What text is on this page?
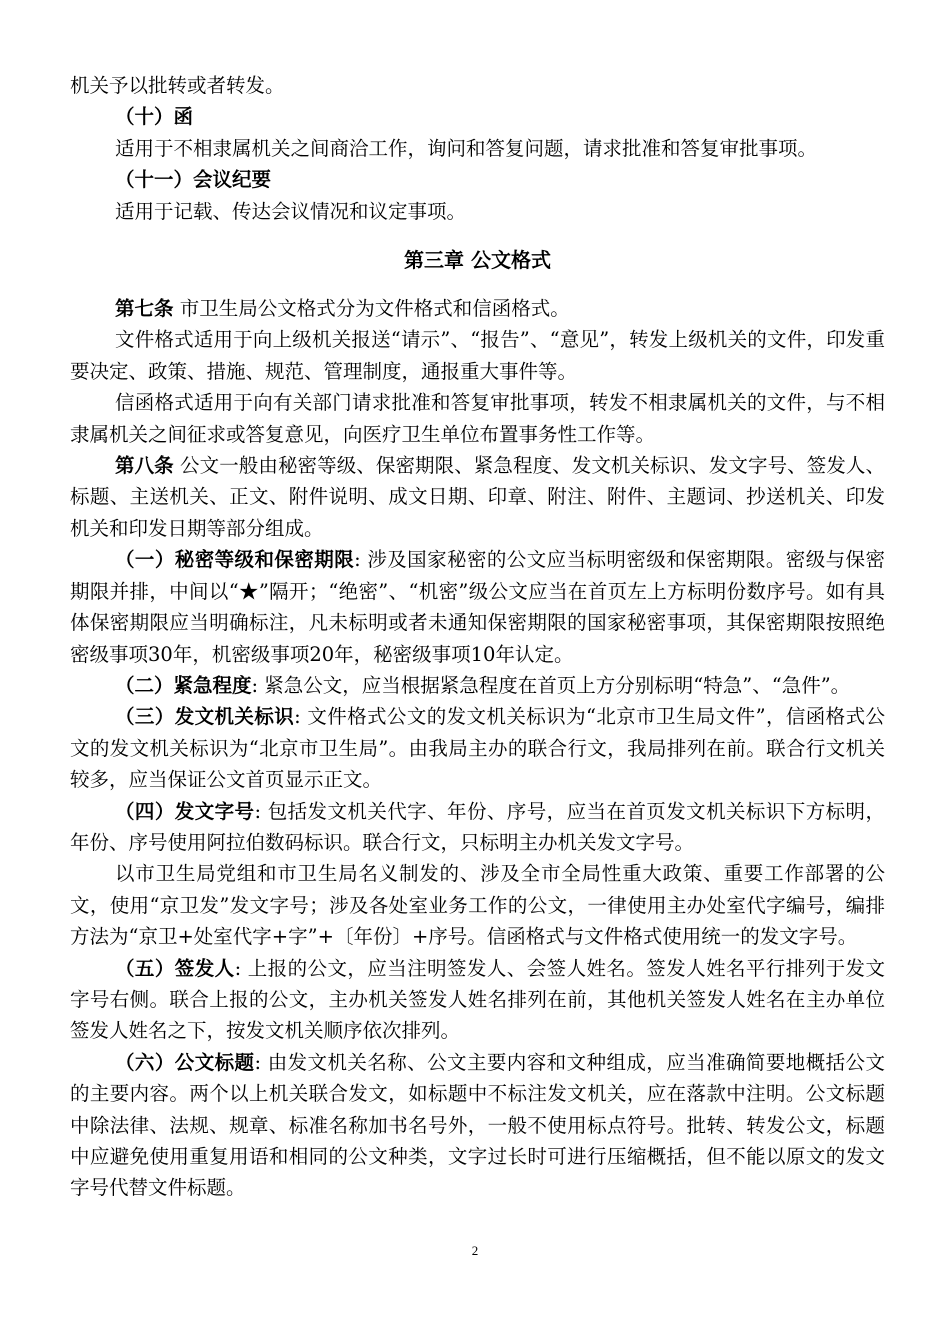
机关予以批转或者转发。

（十）函

适用于不相隶属机关之间商洽工作，询问和答复问题，请求批准和答复审批事项。

（十一）会议纪要

适用于记载、传达会议情况和议定事项。

第三章 公文格式

第七条 市卫生局公文格式分为文件格式和信函格式。

文件格式适用于向上级机关报送“请示”、“报告”、“意见”，转发上级机关的文件，印发重要决定、政策、措施、规范、管理制度，通报重大事件等。

信函格式适用于向有关部门请求批准和答复审批事项，转发不相隶属机关的文件，与不相隶属机关之间征求或答复意见，向医疗卫生单位布置事务性工作等。

第八条 公文一般由秘密等级、保密期限、紧急程度、发文机关标识、发文字号、签发人、标题、主送机关、正文、附件说明、成文日期、印章、附注、附件、主题词、抄送机关、印发机关和印发日期等部分组成。

（一）秘密等级和保密期限: 涉及国家秘密的公文应当标明密级和保密期限。密级与保密期限并排，中间以“★”隔开；“绝密”、“机密”级公文应当在首页左上方标明份数序号。如有具体保密期限应当明确标注，凡未标明或者未通知保密期限的国家秘密事项，其保密期限按照绝密级事项30年，机密级事项20年，秘密级事项10年认定。

（二）紧急程度: 紧急公文，应当根据紧急程度在首页上方分别标明“特急”、“急件”。

（三）发文机关标识: 文件格式公文的发文机关标识为“北京市卫生局文件”，信函格式公文的发文机关标识为“北京市卫生局”。由我局主办的联合行文，我局排列在前。联合行文机关较多，应当保证公文首页显示正文。

（四）发文字号: 包括发文机关代字、年份、序号，应当在首页发文机关标识下方标明，年份、序号使用阿拉伯数码标识。联合行文，只标明主办机关发文字号。

以市卫生局党组和市卫生局名义制发的、涉及全市全局性重大政策、重要工作部署的公文，使用“京卫发”发文字号；涉及各处室业务工作的公文，一律使用主办处室代字编号，编排方法为“京卫+处室代字+字”+〔年份〕+序号。信函格式与文件格式使用统一的发文字号。

（五）签发人: 上报的公文，应当注明签发人、会签人姓名。签发人姓名平行排列于发文字号右侧。联合上报的公文，主办机关签发人姓名排列在前，其他机关签发人姓名在主办单位签发人姓名之下，按发文机关顺序依次排列。

（六）公文标题: 由发文机关名称、公文主要内容和文种组成，应当准确简要地概括公文的主要内容。两个以上机关联合发文，如标题中不标注发文机关，应在落款中注明。公文标题中除法律、法规、规章、标准名称加书名号外，一般不使用标点符号。批转、转发公文，标题中应避免使用重复用语和相同的公文种类，文字过长时可进行压缩概括，但不能以原文的发文字号代替文件标题。

2
